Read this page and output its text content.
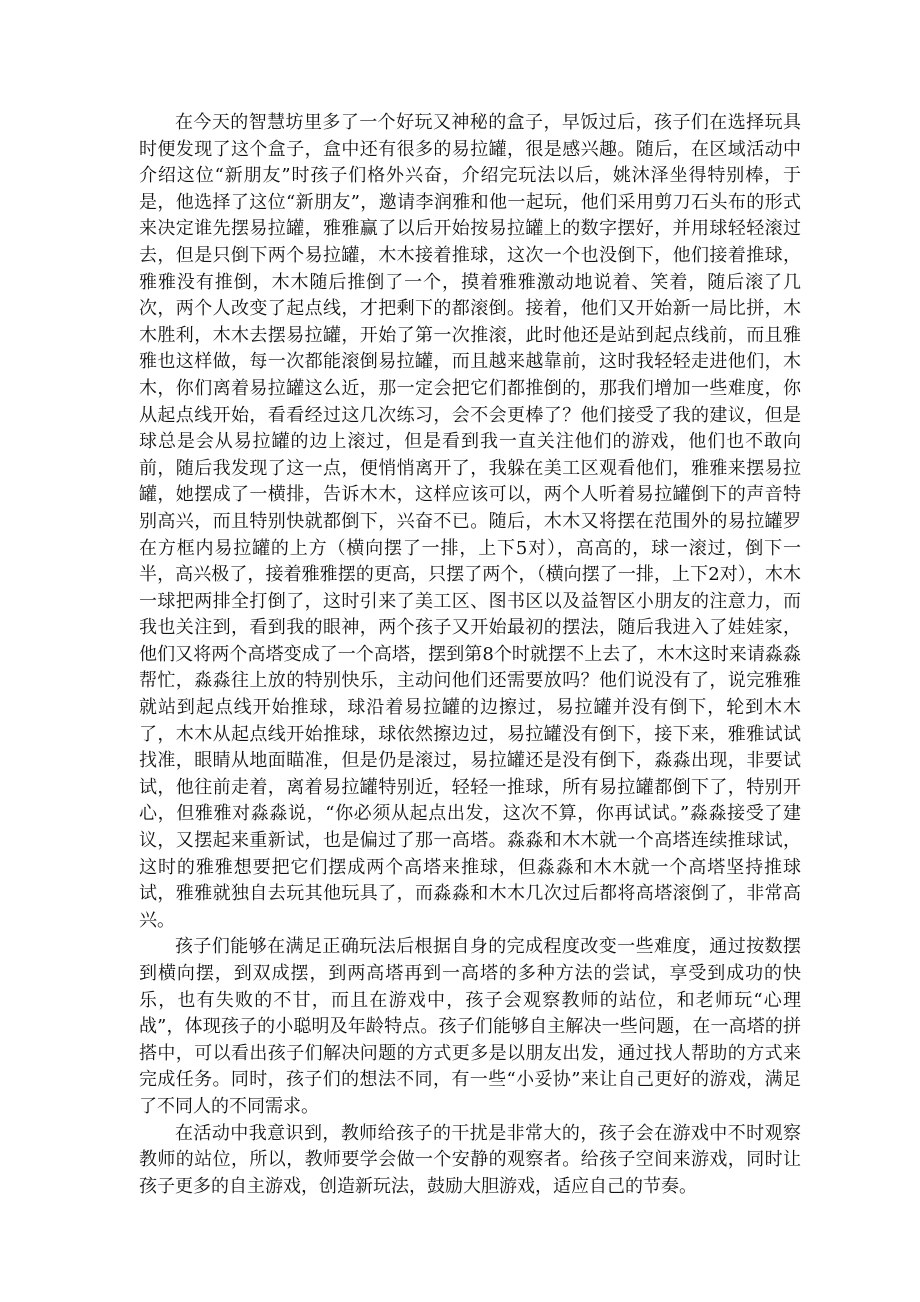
在今天的智慧坊里多了一个好玩又神秘的盒子，早饭过后，孩子们在选择玩具时便发现了这个盒子，盒中还有很多的易拉罐，很是感兴趣。随后，在区域活动中介绍这位“新朋友”时孩子们格外兴奋，介绍完玩法以后，姚沐泽坐得特别棒，于是，他选择了这位“新朋友”，邀请李润雅和他一起玩，他们采用剪刀石头布的形式来决定谁先摆易拉罐，雅雅赢了以后开始按易拉罐上的数字摆好，并用球轻轻滚过去，但是只倒下两个易拉罐，木木接着推球，这次一个也没倒下，他们接着推球，雅雅没有推倒，木木随后推倒了一个，摸着雅雅激动地说着、笑着，随后滚了几次，两个人改变了起点线，才把剩下的都滚倒。接着，他们又开始新一局比拼，木木胜利，木木去摆易拉罐，开始了第一次推滚，此时他还是站到起点线前，而且雅雅也这样做，每一次都能滚倒易拉罐，而且越来越靠前，这时我轻轻走进他们，木木，你们离着易拉罐这么近，那一定会把它们都推倒的，那我们增加一些难度，你从起点线开始，看看经过这几次练习，会不会更棒了？他们接受了我的建议，但是球总是会从易拉罐的边上滚过，但是看到我一直关注他们的游戏，他们也不敢向前，随后我发现了这一点，便悄悄离开了，我躲在美工区观看他们，雅雅来摆易拉罐，她摆成了一横排，告诉木木，这样应该可以，两个人听着易拉罐倒下的声音特别高兴，而且特别快就都倒下，兴奋不已。随后，木木又将摆在范围外的易拉罐罗在方框内易拉罐的上方（横向摆了一排，上下5对），高高的，球一滚过，倒下一半，高兴极了，接着雅雅摆的更高，只摆了两个，（横向摆了一排，上下2对），木木一球把两排全打倒了，这时引来了美工区、图书区以及益智区小朋友的注意力，而我也关注到，看到我的眼神，两个孩子又开始最初的摆法，随后我进入了娃娃家，他们又将两个高塔变成了一个高塔，摆到第8个时就摆不上去了，木木这时来请淼淼帮忙，淼淼往上放的特别快乐，主动问他们还需要放吗？他们说没有了，说完雅雅就站到起点线开始推球，球沿着易拉罐的边擦过，易拉罐并没有倒下，轮到木木了，木木从起点线开始推球，球依然擦边过，易拉罐没有倒下，接下来，雅雅试试找准，眼睛从地面瞄准，但是仍是滚过，易拉罐还是没有倒下，淼淼出现，非要试试，他往前走着，离着易拉罐特别近，轻轻一推球，所有易拉罐都倒下了，特别开心，但雅雅对淼淼说，“你必须从起点出发，这次不算，你再试试。”淼淼接受了建议，又摆起来重新试，也是偏过了那一高塔。淼淼和木木就一个高塔连续推球试，这时的雅雅想要把它们摆成两个高塔来推球，但淼淼和木木就一个高塔坚持推球试，雅雅就独自去玩其他玩具了，而淼淼和木木几次过后都将高塔滚倒了，非常高兴。

孩子们能够在满足正确玩法后根据自身的完成程度改变一些难度，通过按数摆到横向摆，到双成摆，到两高塔再到一高塔的多种方法的尝试，享受到成功的快乐，也有失败的不甘，而且在游戏中，孩子会观察教师的站位，和老师玩“心理战”，体现孩子的小聪明及年龄特点。孩子们能够自主解决一些问题，在一高塔的拼搭中，可以看出孩子们解决问题的方式更多是以朋友出发，通过找人帮助的方式来完成任务。同时，孩子们的想法不同，有一些“小妥协”来让自己更好的游戏，满足了不同人的不同需求。

在活动中我意识到，教师给孩子的干扰是非常大的，孩子会在游戏中不时观察教师的站位，所以，教师要学会做一个安静的观察者。给孩子空间来游戏，同时让孩子更多的自主游戏，创造新玩法，鼓励大胆游戏，适应自己的节奏。
